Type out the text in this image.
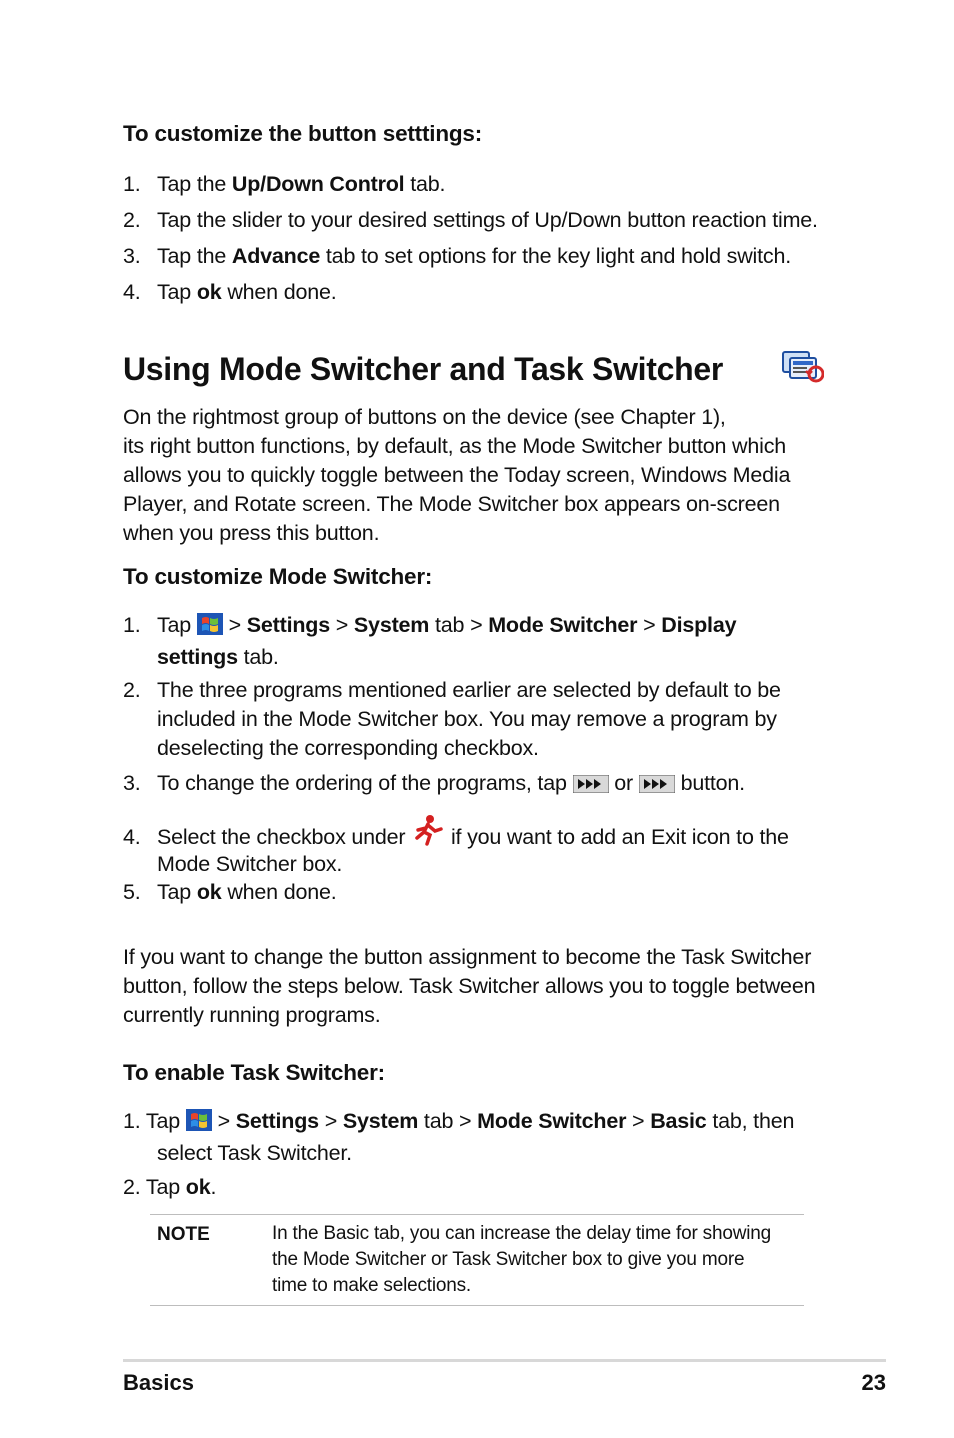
To customize the button setttings:
1. Tap the Up/Down Control tab.
2. Tap the slider to your desired settings of Up/Down button reaction time.
3. Tap the Advance tab to set options for the key light and hold switch.
4. Tap ok when done.
Using Mode Switcher and Task Switcher
On the rightmost group of buttons on the device (see Chapter 1),
its right button functions, by default, as the Mode Switcher button which
allows you to quickly toggle between the Today screen, Windows Media
Player, and Rotate screen. The Mode Switcher box appears on-screen
when you press this button.
To customize Mode Switcher:
1. Tap > Settings > System tab > Mode Switcher > Display
settings tab.
2. The three programs mentioned earlier are selected by default to be
included in the Mode Switcher box. You may remove a program by
deselecting the corresponding checkbox.
3. To change the ordering of the programs, tap or button.
4. Select the checkbox under if you want to add an Exit icon to the
Mode Switcher box.
5. Tap ok when done.
If you want to change the button assignment to become the Task Switcher
button, follow the steps below. Task Switcher allows you to toggle between
currently running programs.
To enable Task Switcher:
1. Tap > Settings > System tab > Mode Switcher > Basic tab, then
select Task Switcher.
2. Tap ok.
NOTE	In the Basic tab, you can increase the delay time for showing
the Mode Switcher or Task Switcher box to give you more
time to make selections.
Basics	23
